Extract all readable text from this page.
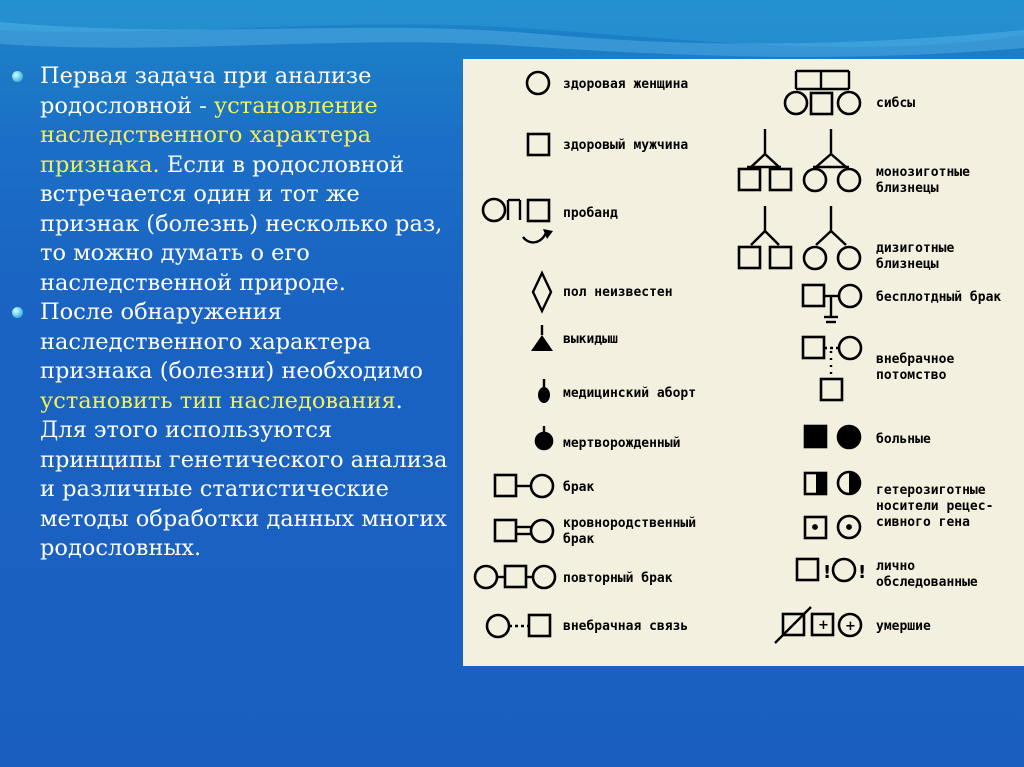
Первая задача при анализе родословной - установление наследственного характера признака. Если в родословной встречается один и тот же признак (болезнь) несколько раз, то можно думать о его наследственной природе.
После обнаружения наследственного характера признака (болезни) необходимо установить тип наследования. Для этого используются принципы генетического анализа и различные статистические методы обработки данных многих родословных.
здоровая женщина
здоровый мужчина
пробанд
пол неизвестен
выкидыш
медицинский аборт
мертворожденный
брак
кровнородственный
брак
повторный брак
внебрачная связь
сибсы
монозиготные
близнецы
дизиготные
близнецы
бесплотдный брак
внебрачное
потомство
больные
гетерозиготные
носители рецес-
сивного гена
! ! лично
обследованные
+ + умершие
